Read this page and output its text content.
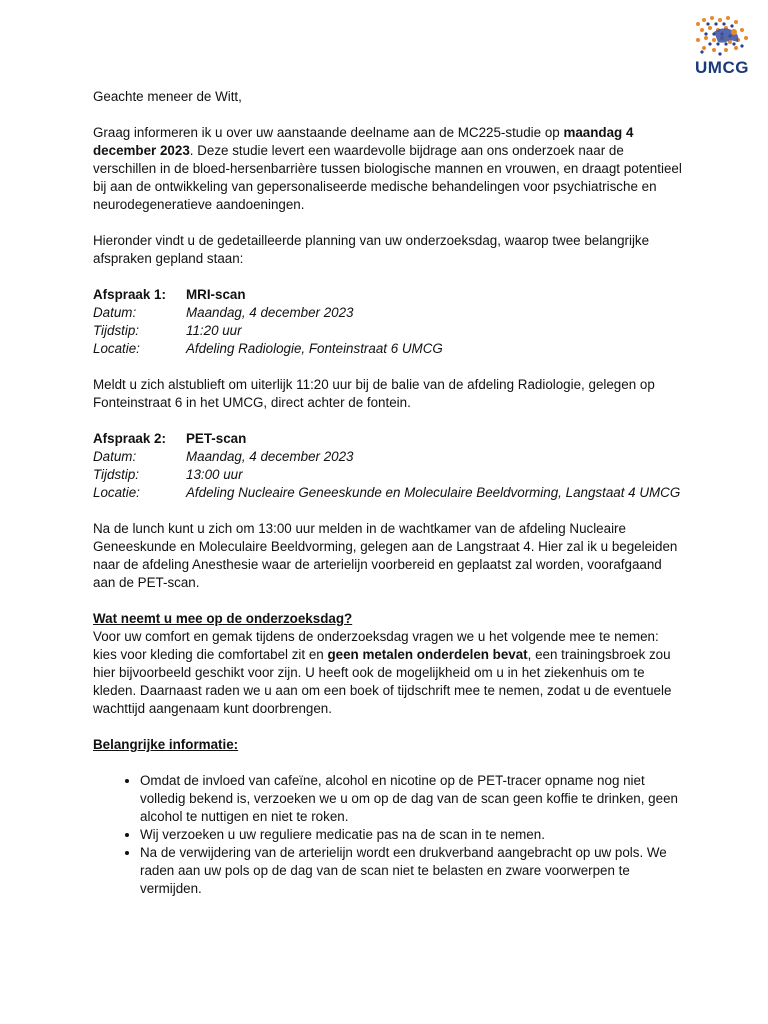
UMCG

Geachte meneer de Witt,

Graag informeren ik u over uw aanstaande deelname aan de MC225-studie op maandag 4 december 2023. Deze studie levert een waardevolle bijdrage aan ons onderzoek naar de verschillen in de bloed-hersenbarrière tussen biologische mannen en vrouwen, en draagt potentieel bij aan de ontwikkeling van gepersonaliseerde medische behandelingen voor psychiatrische en neurodegeneratieve aandoeningen.

Hieronder vindt u de gedetailleerde planning van uw onderzoeksdag, waarop twee belangrijke afspraken gepland staan:

Afspraak 1:	MRI-scan
Datum:	Maandag, 4 december 2023
Tijdstip:	11:20 uur
Locatie:	Afdeling Radiologie, Fonteinstraat 6 UMCG

Meldt u zich alstublieft om uiterlijk 11:20 uur bij de balie van de afdeling Radiologie, gelegen op Fonteinstraat 6 in het UMCG, direct achter de fontein.

Afspraak 2:	PET-scan
Datum:	Maandag, 4 december 2023
Tijdstip:	13:00 uur
Locatie:	Afdeling Nucleaire Geneeskunde en Moleculaire Beeldvorming, Langstaat 4 UMCG

Na de lunch kunt u zich om 13:00 uur melden in de wachtkamer van de afdeling Nucleaire Geneeskunde en Moleculaire Beeldvorming, gelegen aan de Langstraat 4. Hier zal ik u begeleiden naar de afdeling Anesthesie waar de arterielijn voorbereid en geplaatst zal worden, voorafgaand aan de PET-scan.

Wat neemt u mee op de onderzoeksdag?

Voor uw comfort en gemak tijdens de onderzoeksdag vragen we u het volgende mee te nemen: kies voor kleding die comfortabel zit en geen metalen onderdelen bevat, een trainingsbroek zou hier bijvoorbeeld geschikt voor zijn. U heeft ook de mogelijkheid om u in het ziekenhuis om te kleden. Daarnaast raden we u aan om een boek of tijdschrift mee te nemen, zodat u de eventuele wachttijd aangenaam kunt doorbrengen.

Belangrijke informatie:

• Omdat de invloed van cafeïne, alcohol en nicotine op de PET-tracer opname nog niet volledig bekend is, verzoeken we u om op de dag van de scan geen koffie te drinken, geen alcohol te nuttigen en niet te roken.
• Wij verzoeken u uw reguliere medicatie pas na de scan in te nemen.
• Na de verwijdering van de arterielijn wordt een drukverband aangebracht op uw pols. We raden aan uw pols op de dag van de scan niet te belasten en zware voorwerpen te vermijden.
